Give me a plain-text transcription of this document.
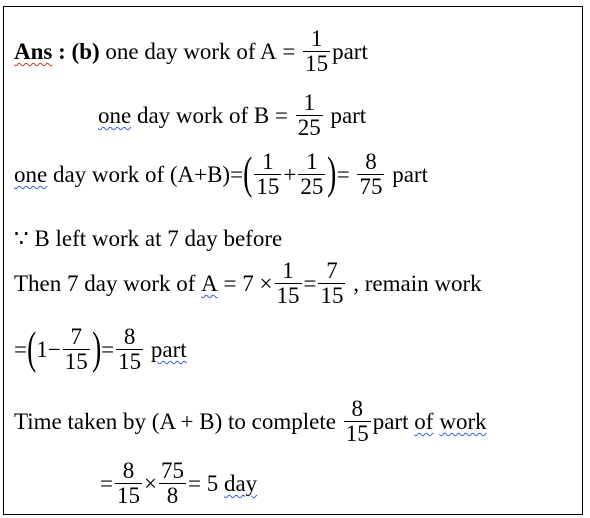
Ans : (b) one day work of $A = \frac{1}{15}$ part
one day work of $B = \frac{1}{25}$ part
one day work of $(A+B)=( \frac{1}{15} + \frac{1}{25}$ )= $\frac{8}{75}$ part
∵ B left work at 7 day before
Then 7 day work of $A = 7 \times \frac{1}{15} = \frac{7}{15}$ , remain work
$=(1- \frac{7}{15}$ )= $\frac{8}{15}$ part
Time taken by (A + B) to complete $\frac{8}{15}$ part of work
= $\frac{8}{15} \times \frac{75}{8} = 5$ day
